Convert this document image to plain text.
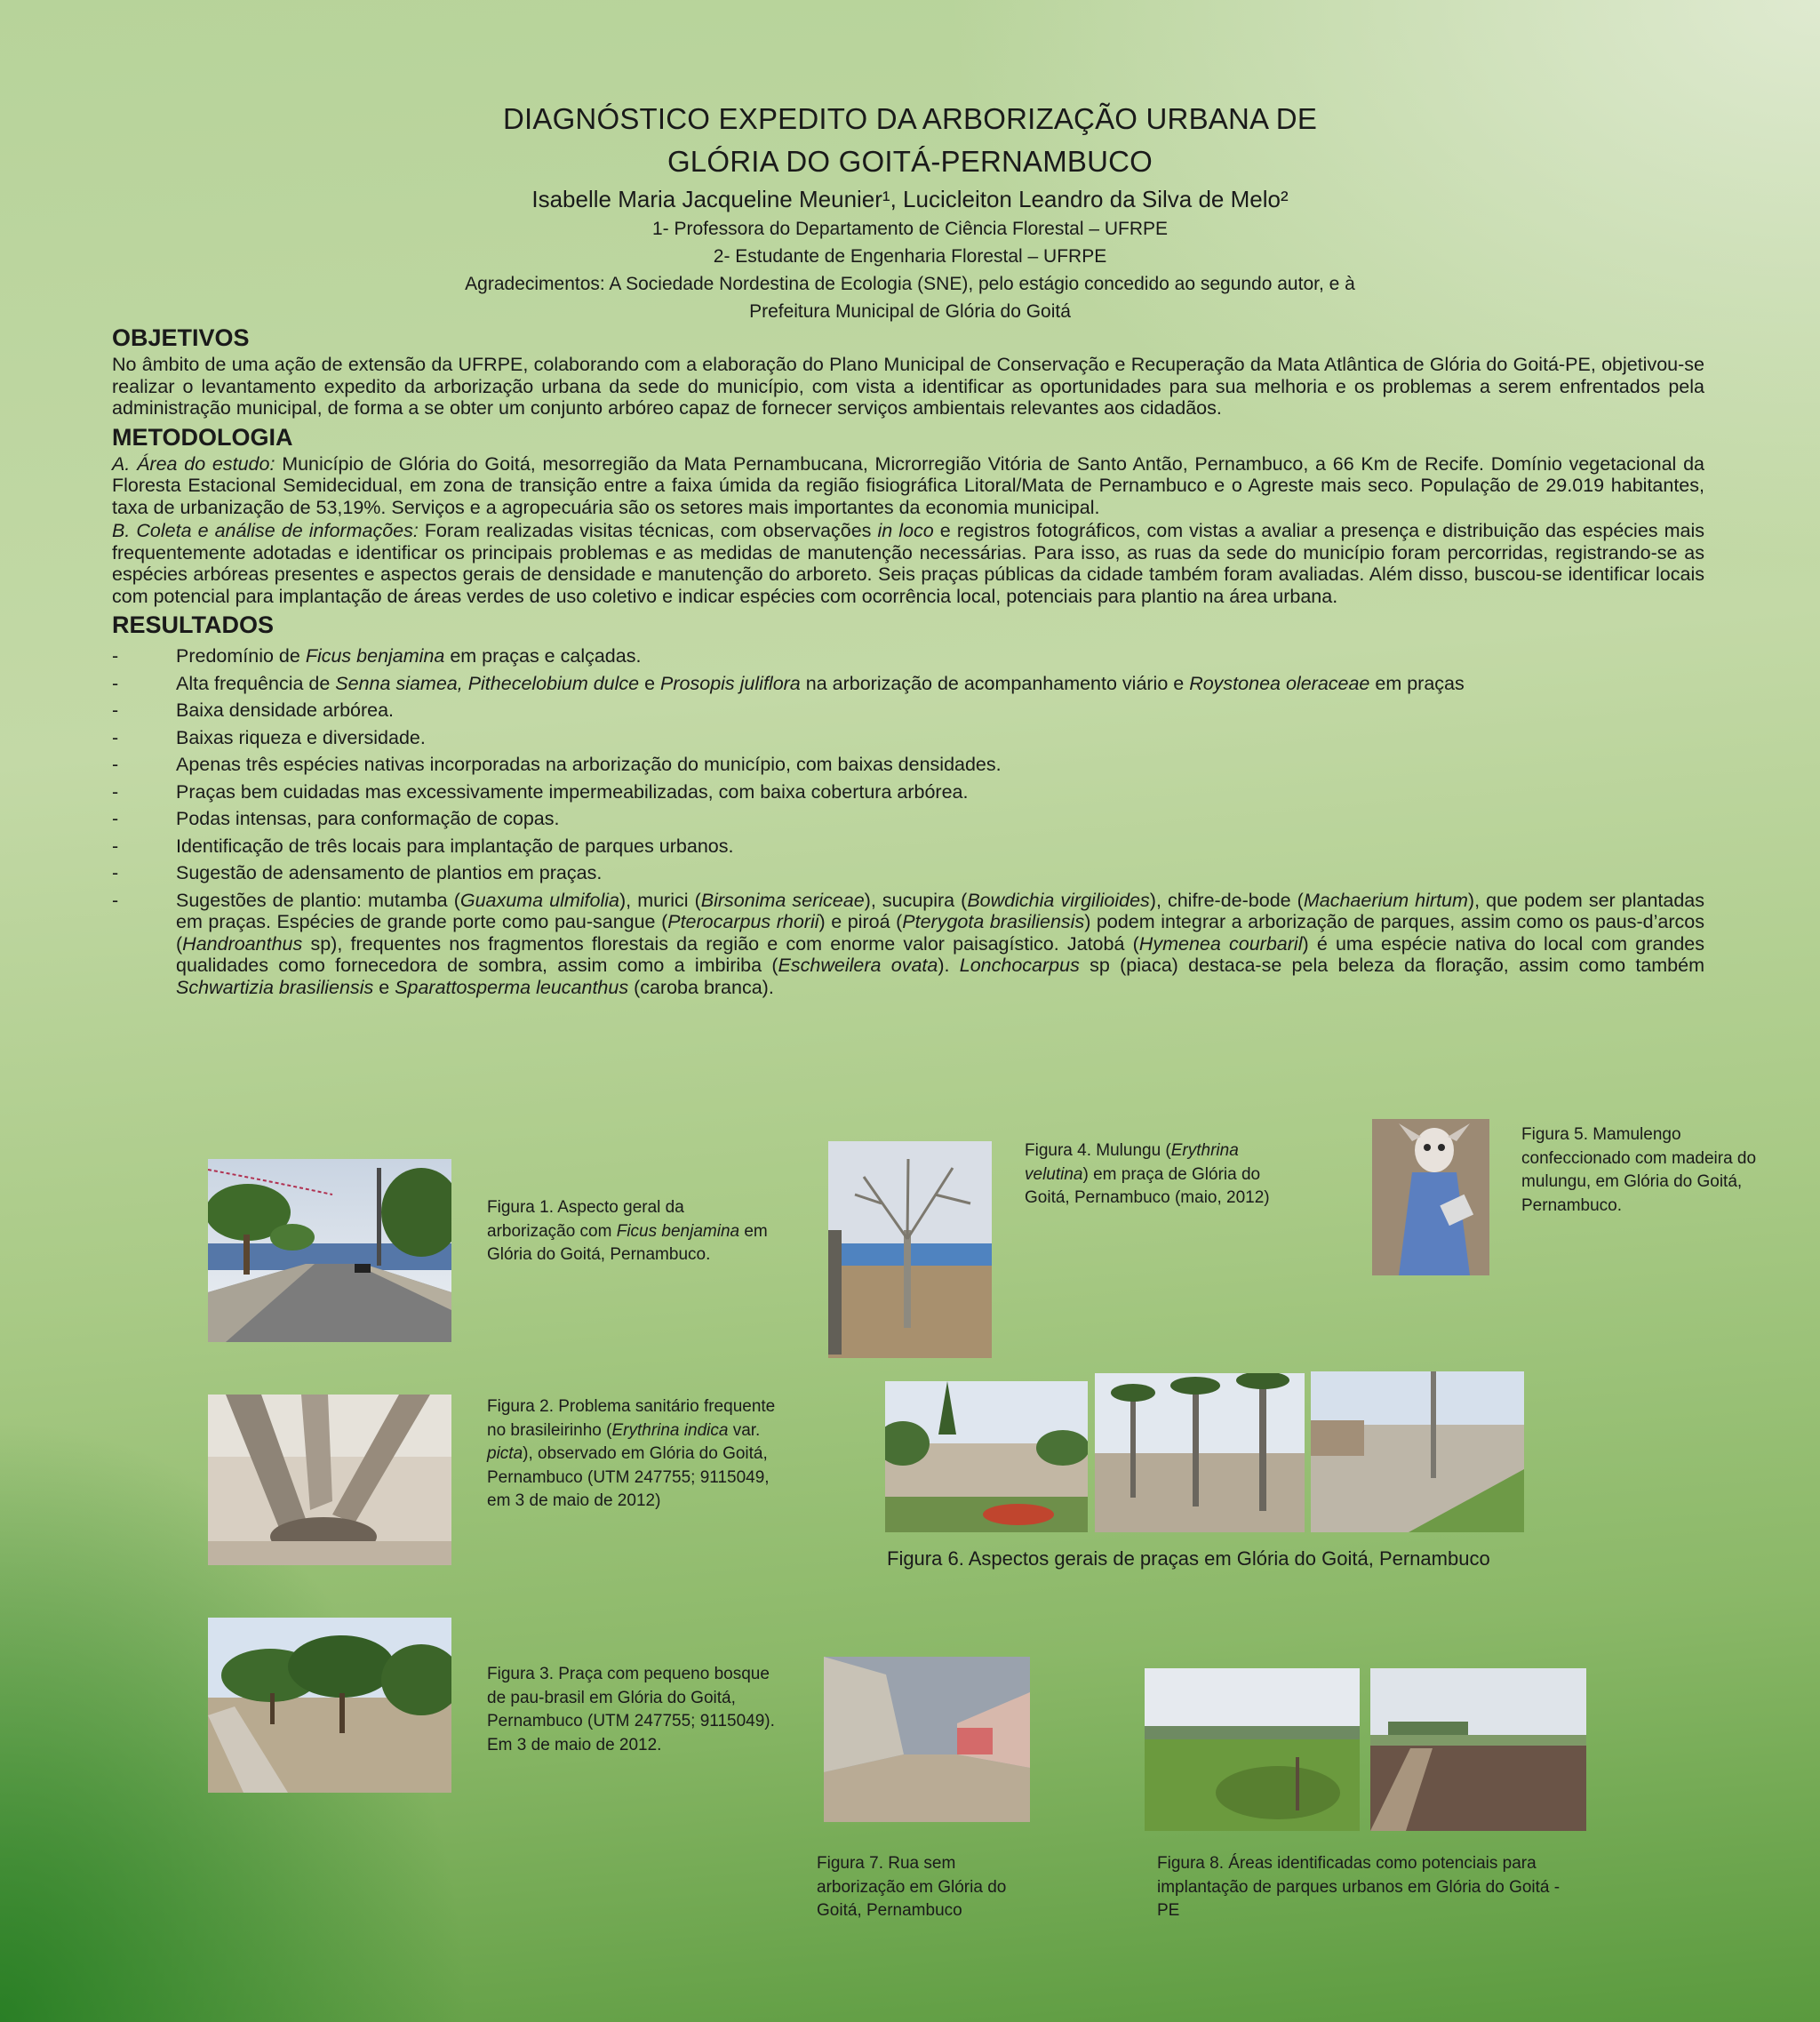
DIAGNÓSTICO EXPEDITO DA ARBORIZAÇÃO URBANA DE
GLÓRIA DO GOITÁ-PERNAMBUCO
Isabelle Maria Jacqueline Meunier¹, Lucicleiton Leandro da Silva de Melo²
1- Professora do Departamento de Ciência Florestal – UFRPE
2- Estudante de Engenharia Florestal – UFRPE
Agradecimentos: A Sociedade Nordestina de Ecologia (SNE), pelo estágio concedido ao segundo autor, e à
Prefeitura Municipal de Glória do Goitá
OBJETIVOS

No âmbito de uma ação de extensão da UFRPE, colaborando com a elaboração do Plano Municipal de Conservação e Recuperação da Mata Atlântica de Glória do Goitá-PE, objetivou-se realizar o levantamento expedito da arborização urbana da sede do município, com vista a identificar as oportunidades para sua melhoria e os problemas a serem enfrentados pela administração municipal, de forma a se obter um conjunto arbóreo capaz de fornecer serviços ambientais relevantes aos cidadãos.

METODOLOGIA

A. Área do estudo: Município de Glória do Goitá, mesorregião da Mata Pernambucana, Microrregião Vitória de Santo Antão, Pernambuco, a 66 Km de Recife. Domínio vegetacional da Floresta Estacional Semidecidual, em zona de transição entre a faixa úmida da região fisiográfica Litoral/Mata de Pernambuco e o Agreste mais seco. População de 29.019 habitantes, taxa de urbanização de 53,19%. Serviços e a agropecuária são os setores mais importantes da economia municipal.

B. Coleta e análise de informações: Foram realizadas visitas técnicas, com observações in loco e registros fotográficos, com vistas a avaliar a presença e distribuição das espécies mais frequentemente adotadas e identificar os principais problemas e as medidas de manutenção necessárias. Para isso, as ruas da sede do município foram percorridas, registrando-se as espécies arbóreas presentes e aspectos gerais de densidade e manutenção do arboreto. Seis praças públicas da cidade também foram avaliadas. Além disso, buscou-se identificar locais com potencial para implantação de áreas verdes de uso coletivo e indicar espécies com ocorrência local, potenciais para plantio na área urbana.

RESULTADOS
- Predomínio de Ficus benjamina em praças e calçadas.
- Alta frequência de Senna siamea, Pithecelobium dulce e Prosopis juliflora na arborização de acompanhamento viário e Roystonea oleraceae em praças
- Baixa densidade arbórea.
- Baixas riqueza e diversidade.
- Apenas três espécies nativas incorporadas na arborização do município, com baixas densidades.
- Praças bem cuidadas mas excessivamente impermeabilizadas, com baixa cobertura arbórea.
- Podas intensas, para conformação de copas.
- Identificação de três locais para implantação de parques urbanos.
- Sugestão de adensamento de plantios em praças.
- Sugestões de plantio: mutamba (Guaxuma ulmifolia), murici (Birsonima sericeae), sucupira (Bowdichia virgilioides), chifre-de-bode (Machaerium hirtum), que podem ser plantadas em praças. Espécies de grande porte como pau-sangue (Pterocarpus rhorii) e piroá (Pterygota brasiliensis) podem integrar a arborização de parques, assim como os paus-d’arcos (Handroanthus sp), frequentes nos fragmentos florestais da região e com enorme valor paisagístico. Jatobá (Hymenea courbaril) é uma espécie nativa do local com grandes qualidades como fornecedora de sombra, assim como a imbiriba (Eschweilera ovata). Lonchocarpus sp (piaca) destaca-se pela beleza da floração, assim como também Schwartizia brasiliensis e Sparattosperma leucanthus (caroba branca).
Figura 1. Aspecto geral da arborização com Ficus benjamina em Glória do Goitá, Pernambuco.
Figura 2. Problema sanitário frequente no brasileirinho (Erythrina indica var. picta), observado em Glória do Goitá, Pernambuco (UTM 247755; 9115049, em 3 de maio de 2012)
Figura 3. Praça com pequeno bosque de pau-brasil em Glória do Goitá, Pernambuco (UTM 247755; 9115049). Em 3 de maio de 2012.
Figura 4. Mulungu (Erythrina velutina) em praça de Glória do Goitá, Pernambuco (maio, 2012)
Figura 5. Mamulengo confeccionado com madeira do mulungu, em Glória do Goitá, Pernambuco.
Figura 6. Aspectos gerais de praças em Glória do Goitá, Pernambuco
Figura 7. Rua sem arborização em Glória do Goitá, Pernambuco
Figura 8. Áreas identificadas como potenciais para implantação de parques urbanos em Glória do Goitá - PE
